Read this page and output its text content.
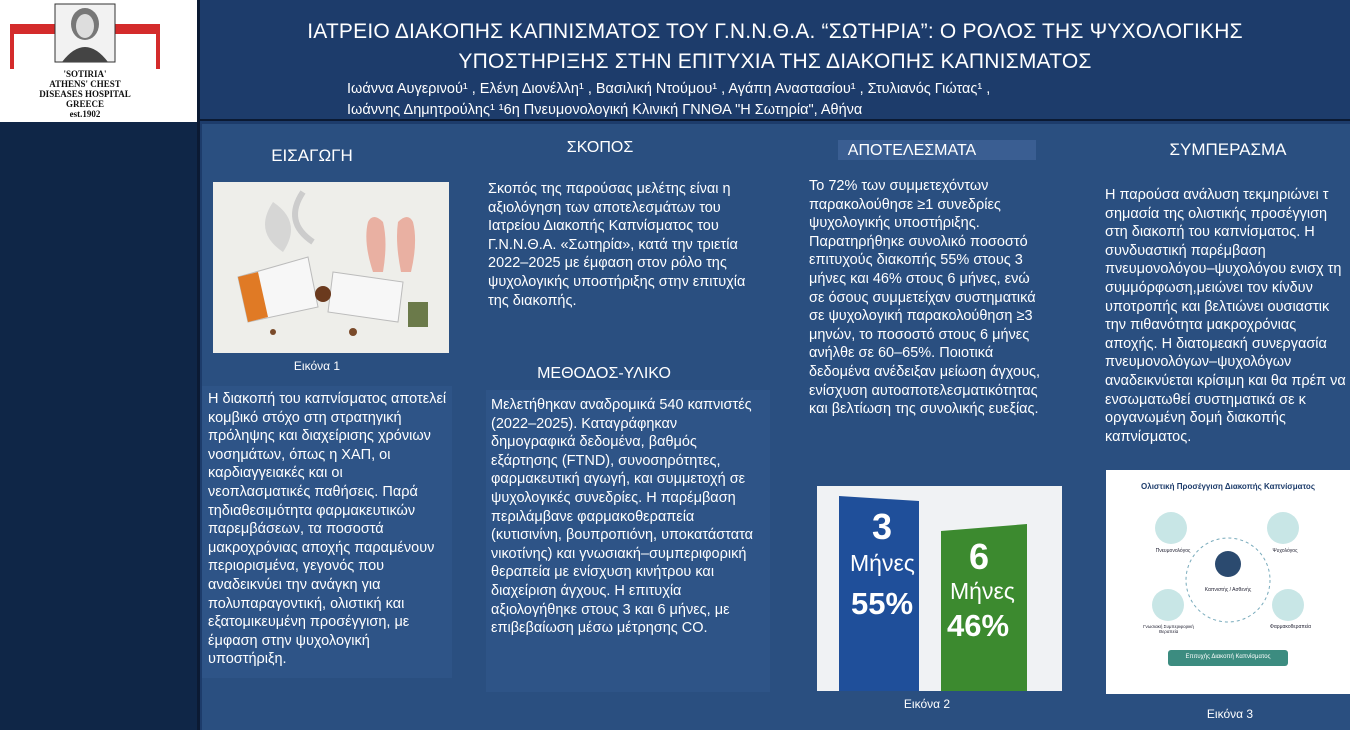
'SOTIRIA'
ATHENS' CHEST
DISEASES HOSPITAL
GREECE
est.1902
ΙΑΤΡΕΙΟ ΔΙΑΚΟΠΗΣ ΚΑΠΝΙΣΜΑΤΟΣ ΤΟΥ Γ.Ν.Ν.Θ.Α. “ΣΩΤΗΡΙΑ”: Ο ΡΟΛΟΣ ΤΗΣ ΨΥΧΟΛΟΓΙΚΗΣ
ΥΠΟΣΤΗΡΙΞΗΣ ΣΤΗΝ ΕΠΙΤΥΧΙΑ ΤΗΣ ΔΙΑΚΟΠΗΣ ΚΑΠΝΙΣΜΑΤΟΣ
Ιωάννα Αυγερινού¹ , Ελένη Διονέλλη¹ , Βασιλική Ντούμου¹ , Αγάπη Αναστασίου¹ , Στυλιανός Γιώτας¹ ,
Ιωάννης Δημητρούλης¹ ¹6η Πνευμονολογική Κλινική ΓΝΝΘΑ "Η Σωτηρία", Αθήνα
ΕΙΣΑΓΩΓΗ
Εικόνα 1
Η διακοπή του καπνίσματος αποτελεί κομβικό στόχο στη στρατηγική πρόληψης και διαχείρισης χρόνιων νοσημάτων, όπως η ΧΑΠ, οι καρδιαγγειακές και οι νεοπλασματικές παθήσεις. Παρά τηδιαθεσιμότητα φαρμακευτικών παρεμβάσεων, τα ποσοστά μακροχρόνιας αποχής παραμένουν περιορισμένα, γεγονός που αναδεικνύει την ανάγκη για πολυπαραγοντική, ολιστική και εξατομικευμένη προσέγγιση, με έμφαση στην ψυχολογική υποστήριξη.
ΣΚΟΠΟΣ
Σκοπός της παρούσας μελέτης είναι η αξιολόγηση των αποτελεσμάτων του Ιατρείου Διακοπής Καπνίσματος του Γ.Ν.Ν.Θ.Α. «Σωτηρία», κατά την τριετία 2022–2025 με έμφαση στον ρόλο της ψυχολογικής υποστήριξης στην επιτυχία της διακοπής.
ΜΕΘΟΔΟΣ-ΥΛΙΚΟ
Μελετήθηκαν αναδρομικά 540 καπνιστές (2022–2025). Καταγράφηκαν δημογραφικά δεδομένα, βαθμός εξάρτησης (FTND), συνοσηρότητες, φαρμακευτική αγωγή, και συμμετοχή σε ψυχολογικές συνεδρίες. Η παρέμβαση περιλάμβανε φαρμακοθεραπεία (κυτισινίνη, βουπροπιόνη, υποκατάστατα νικοτίνης) και γνωσιακή–συμπεριφορική θεραπεία με ενίσχυση κινήτρου και διαχείριση άγχους. Η επιτυχία αξιολογήθηκε στους 3 και 6 μήνες, με επιβεβαίωση μέσω μέτρησης CO.
ΑΠΟΤΕΛΕΣΜΑΤΑ
Το 72% των συμμετεχόντων παρακολούθησε ≥1 συνεδρίες ψυχολογικής υποστήριξης. Παρατηρήθηκε συνολικό ποσοστό επιτυχούς διακοπής 55% στους 3 μήνες και 46% στους 6 μήνες, ενώ σε όσους συμμετείχαν συστηματικά σε ψυχολογική παρακολούθηση ≥3 μηνών, το ποσοστό στους 6 μήνες ανήλθε σε 60–65%. Ποιοτικά δεδομένα ανέδειξαν μείωση άγχους, ενίσχυση αυτοαποτελεσματικότητας και βελτίωση της συνολικής ευεξίας.
3
Μήνες
55%
6
Μήνες
46%
Εικόνα 2
ΣΥΜΠΕΡΑΣΜΑ
Η παρούσα ανάλυση τεκμηριώνει τ σημασία της ολιστικής προσέγγιση στη διακοπή του καπνίσματος. Η συνδυαστική παρέμβαση πνευμονολόγου–ψυχολόγου ενισχ τη συμμόρφωση,μειώνει τον κίνδυν υποτροπής και βελτιώνει ουσιαστικ την πιθανότητα μακροχρόνιας αποχής. Η διατομεακή συνεργασία πνευμονολόγων–ψυχολόγων αναδεικνύεται κρίσιμη και θα πρέπ να ενσωματωθεί συστηματικά σε κ οργανωμένη δομή διακοπής καπνίσματος.
Ολιστική Προσέγγιση Διακοπής Καπνίσματος
Καπνιστής / Ασθενής
Πνευμονολόγος	Ψυχολόγος
Γνωσιακή Συμπεριφορική Θεραπεία
Φαρμακοθεραπεία
Επιτυχής Διακοπή Καπνίσματος
Εικόνα 3
